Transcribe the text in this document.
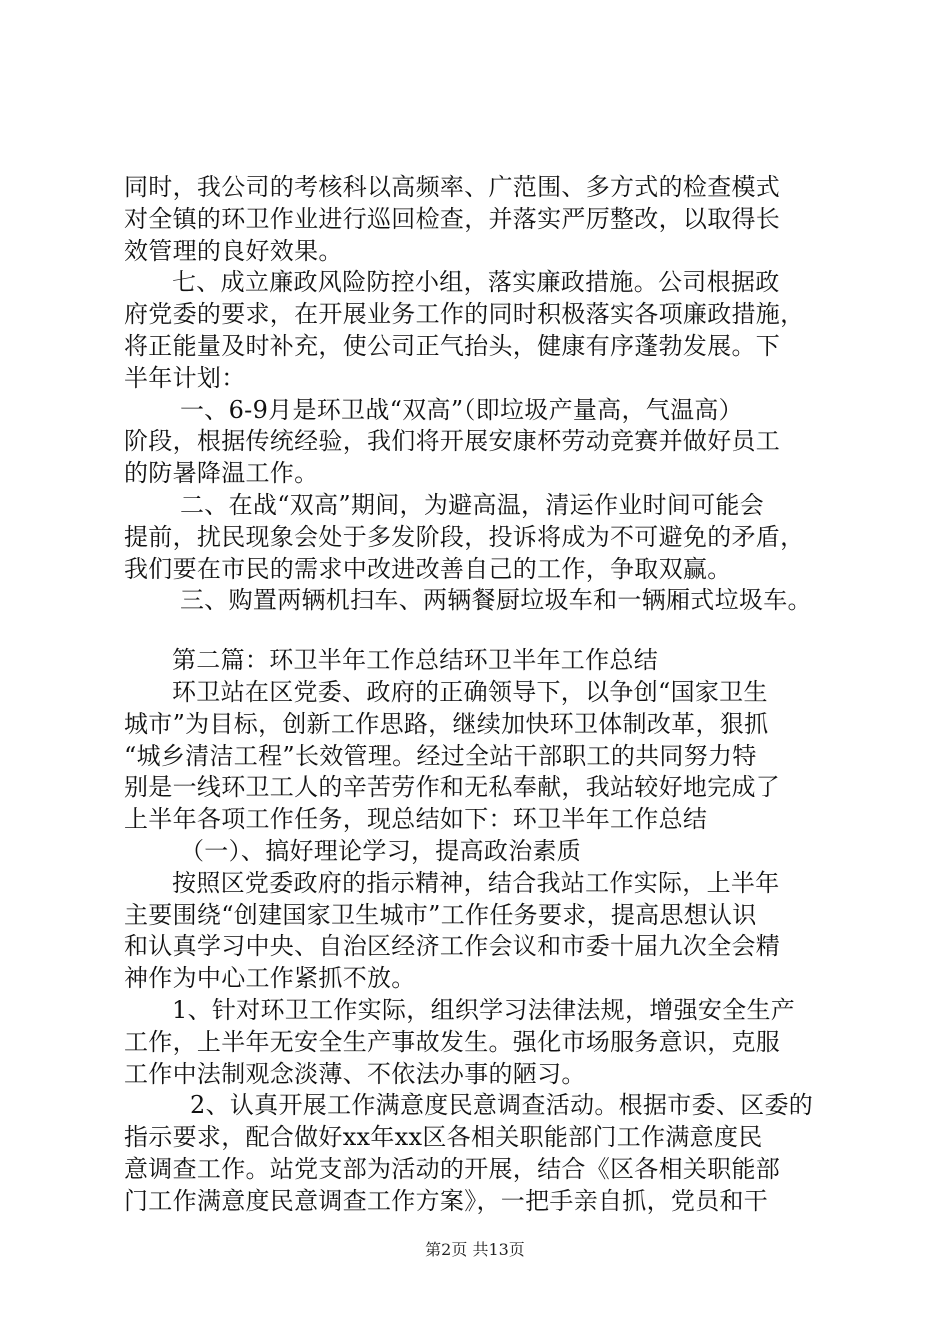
同时，我公司的考核科以高频率、广范围、多方式的检查模式
对全镇的环卫作业进行巡回检查，并落实严厉整改，以取得长
效管理的良好效果。
七、成立廉政风险防控小组，落实廉政措施。公司根据政
府党委的要求，在开展业务工作的同时积极落实各项廉政措施，
将正能量及时补充，使公司正气抬头，健康有序蓬勃发展。下
半年计划：
一、6-9月是环卫战“双高”（即垃圾产量高，气温高）
阶段，根据传统经验，我们将开展安康杯劳动竞赛并做好员工
的防暑降温工作。
二、在战“双高”期间，为避高温，清运作业时间可能会
提前，扰民现象会处于多发阶段，投诉将成为不可避免的矛盾，
我们要在市民的需求中改进改善自己的工作，争取双赢。
三、购置两辆机扫车、两辆餐厨垃圾车和一辆厢式垃圾车。
第二篇：环卫半年工作总结环卫半年工作总结
环卫站在区党委、政府的正确领导下，以争创“国家卫生
城市”为目标，创新工作思路，继续加快环卫体制改革，狠抓
“城乡清洁工程”长效管理。经过全站干部职工的共同努力特
别是一线环卫工人的辛苦劳作和无私奉献，我站较好地完成了
上半年各项工作任务，现总结如下：环卫半年工作总结
（一）、搞好理论学习，提高政治素质
按照区党委政府的指示精神，结合我站工作实际，上半年
主要围绕“创建国家卫生城市”工作任务要求，提高思想认识
和认真学习中央、自治区经济工作会议和市委十届九次全会精
神作为中心工作紧抓不放。
1、针对环卫工作实际，组织学习法律法规，增强安全生产
工作，上半年无安全生产事故发生。强化市场服务意识，克服
工作中法制观念淡薄、不依法办事的陋习。
2、认真开展工作满意度民意调查活动。根据市委、区委的
指示要求，配合做好xx年xx区各相关职能部门工作满意度民
意调查工作。站党支部为活动的开展，结合《区各相关职能部
门工作满意度民意调查工作方案》，一把手亲自抓，党员和干
第2页 共13页
